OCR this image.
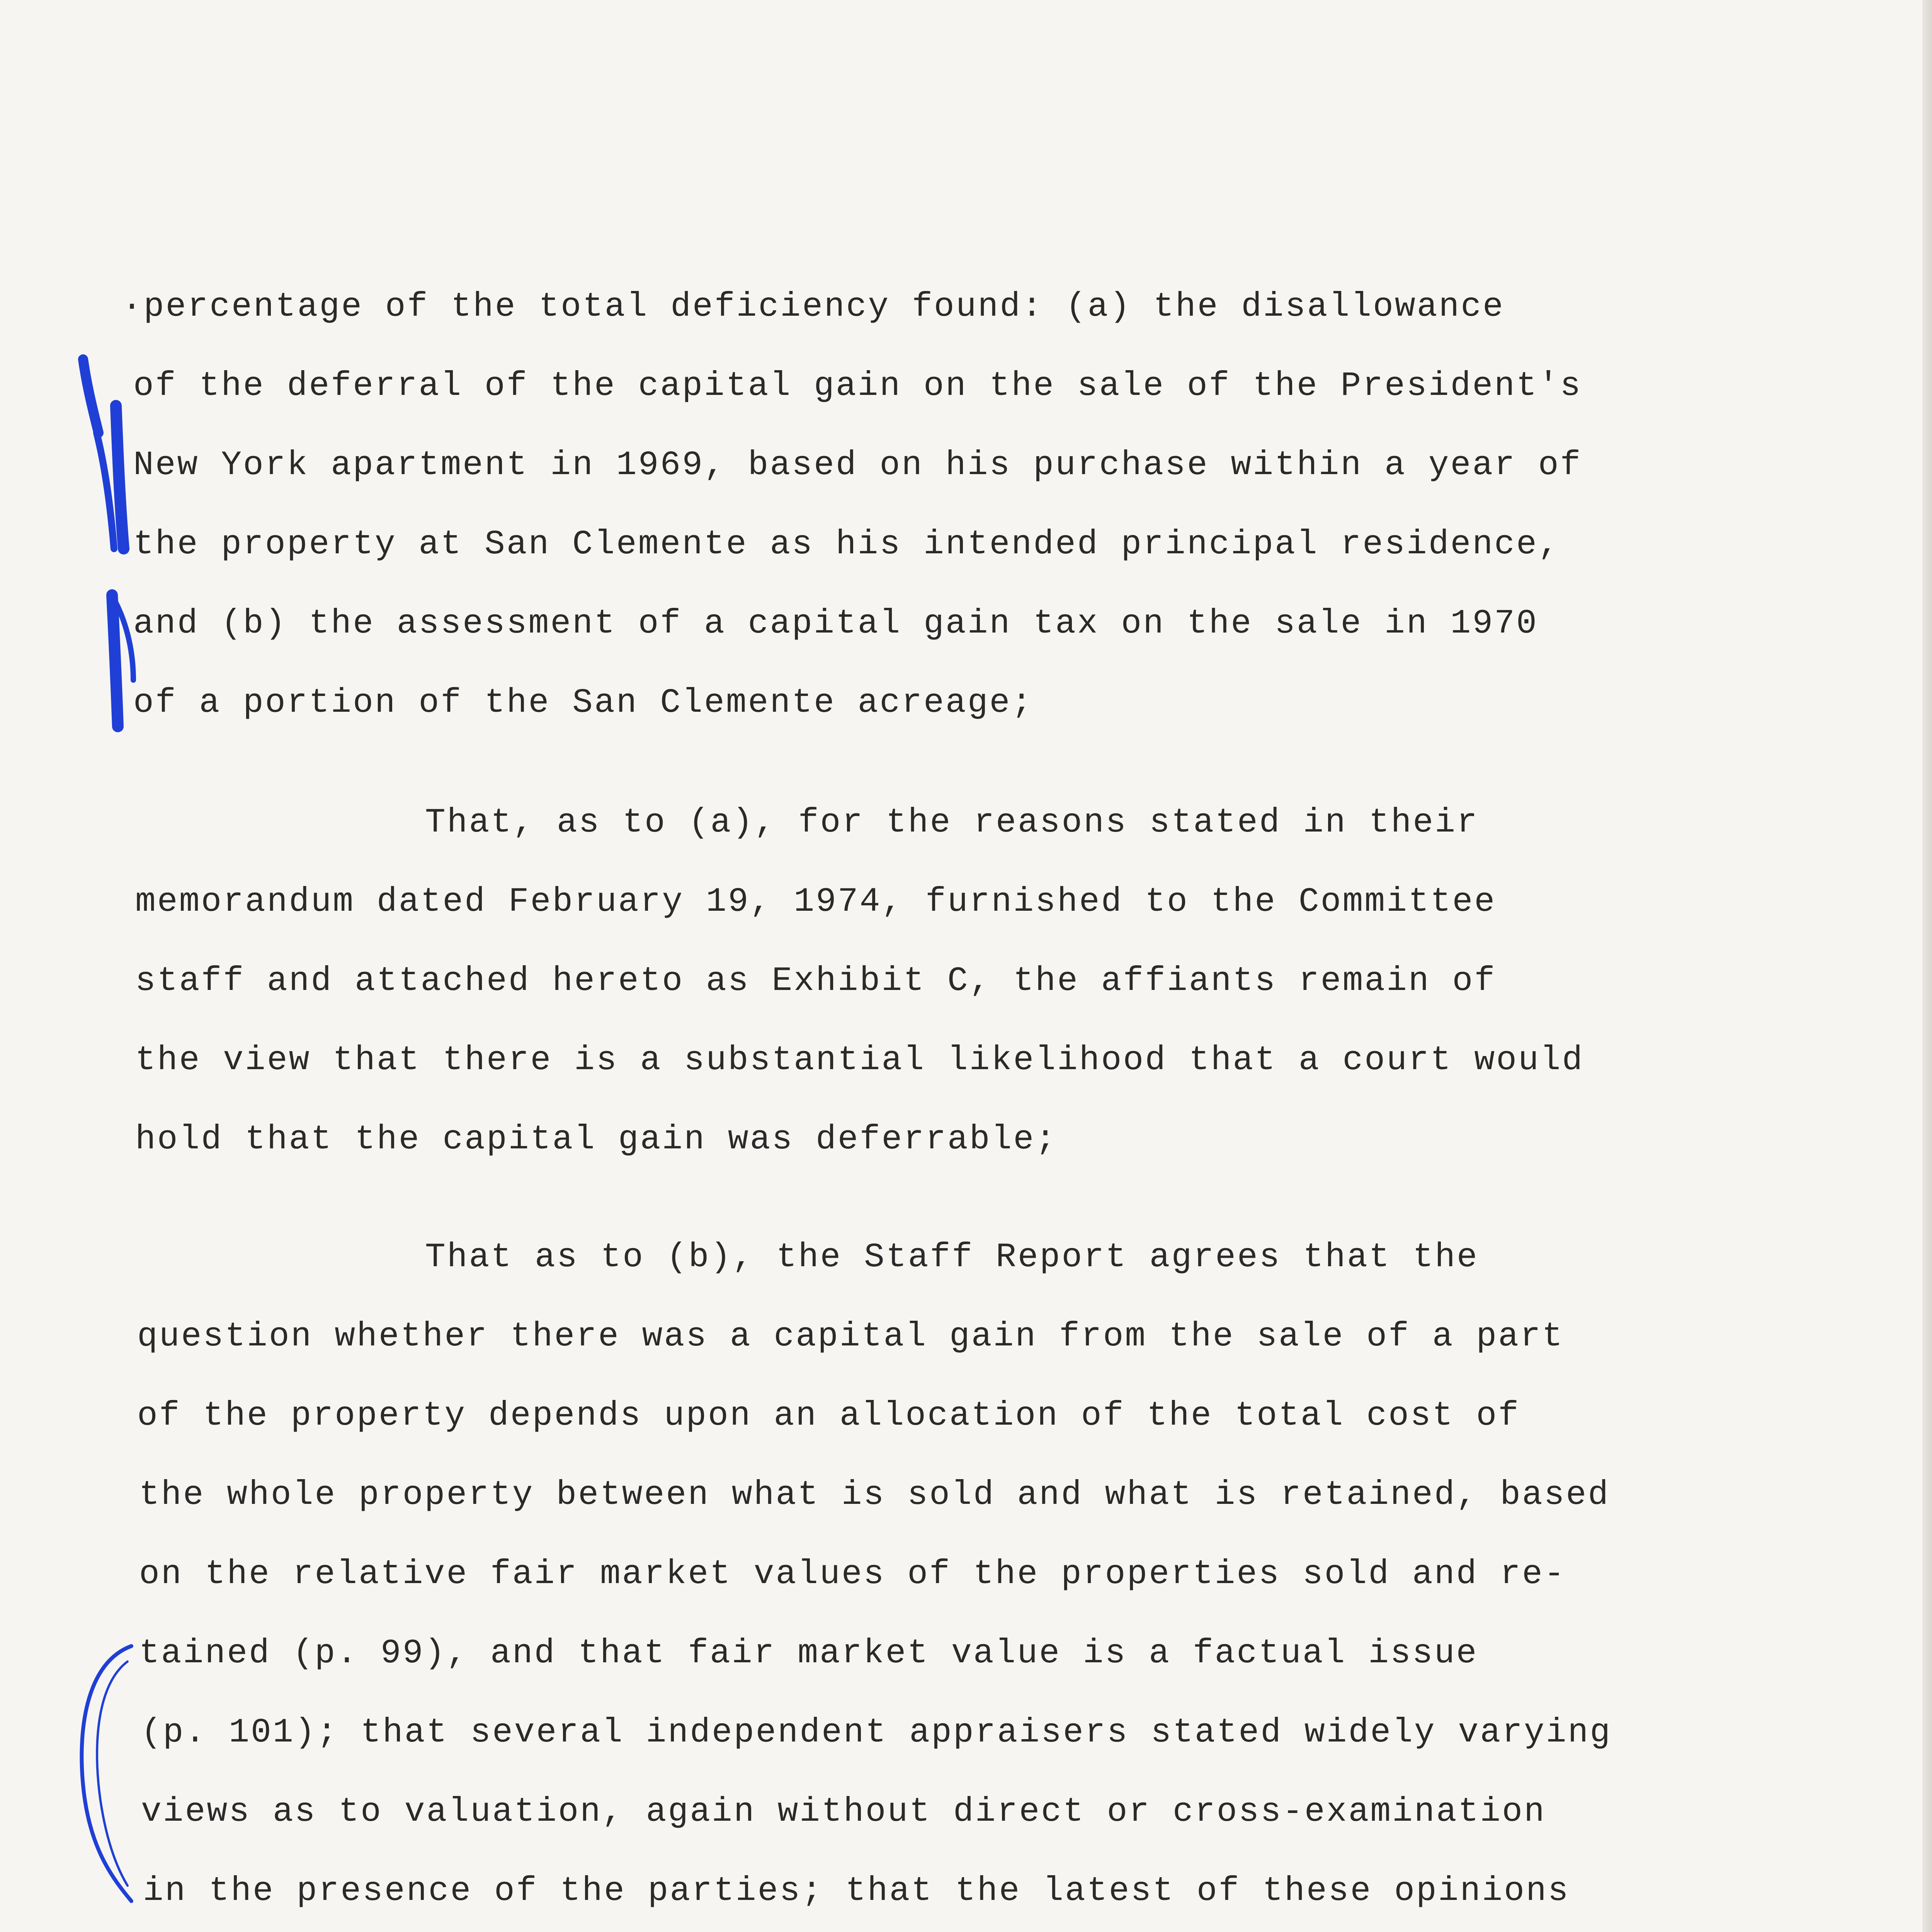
·percentage of the total deficiency found: (a) the disallowance
of the deferral of the capital gain on the sale of the President's
New York apartment in 1969, based on his purchase within a year of
the property at San Clemente as his intended principal residence,
and (b) the assessment of a capital gain tax on the sale in 1970
of a portion of the San Clemente acreage;
That, as to (a), for the reasons stated in their
memorandum dated February 19, 1974, furnished to the Committee
staff and attached hereto as Exhibit C, the affiants remain of
the view that there is a substantial likelihood that a court would
hold that the capital gain was deferrable;
That as to (b), the Staff Report agrees that the
question whether there was a capital gain from the sale of a part
of the property depends upon an allocation of the total cost of
the whole property between what is sold and what is retained, based
on the relative fair market values of the properties sold and re-
tained (p. 99), and that fair market value is a factual issue
(p. 101); that several independent appraisers stated widely varying
views as to valuation, again without direct or cross-examination
in the presence of the parties; that the latest of these opinions
